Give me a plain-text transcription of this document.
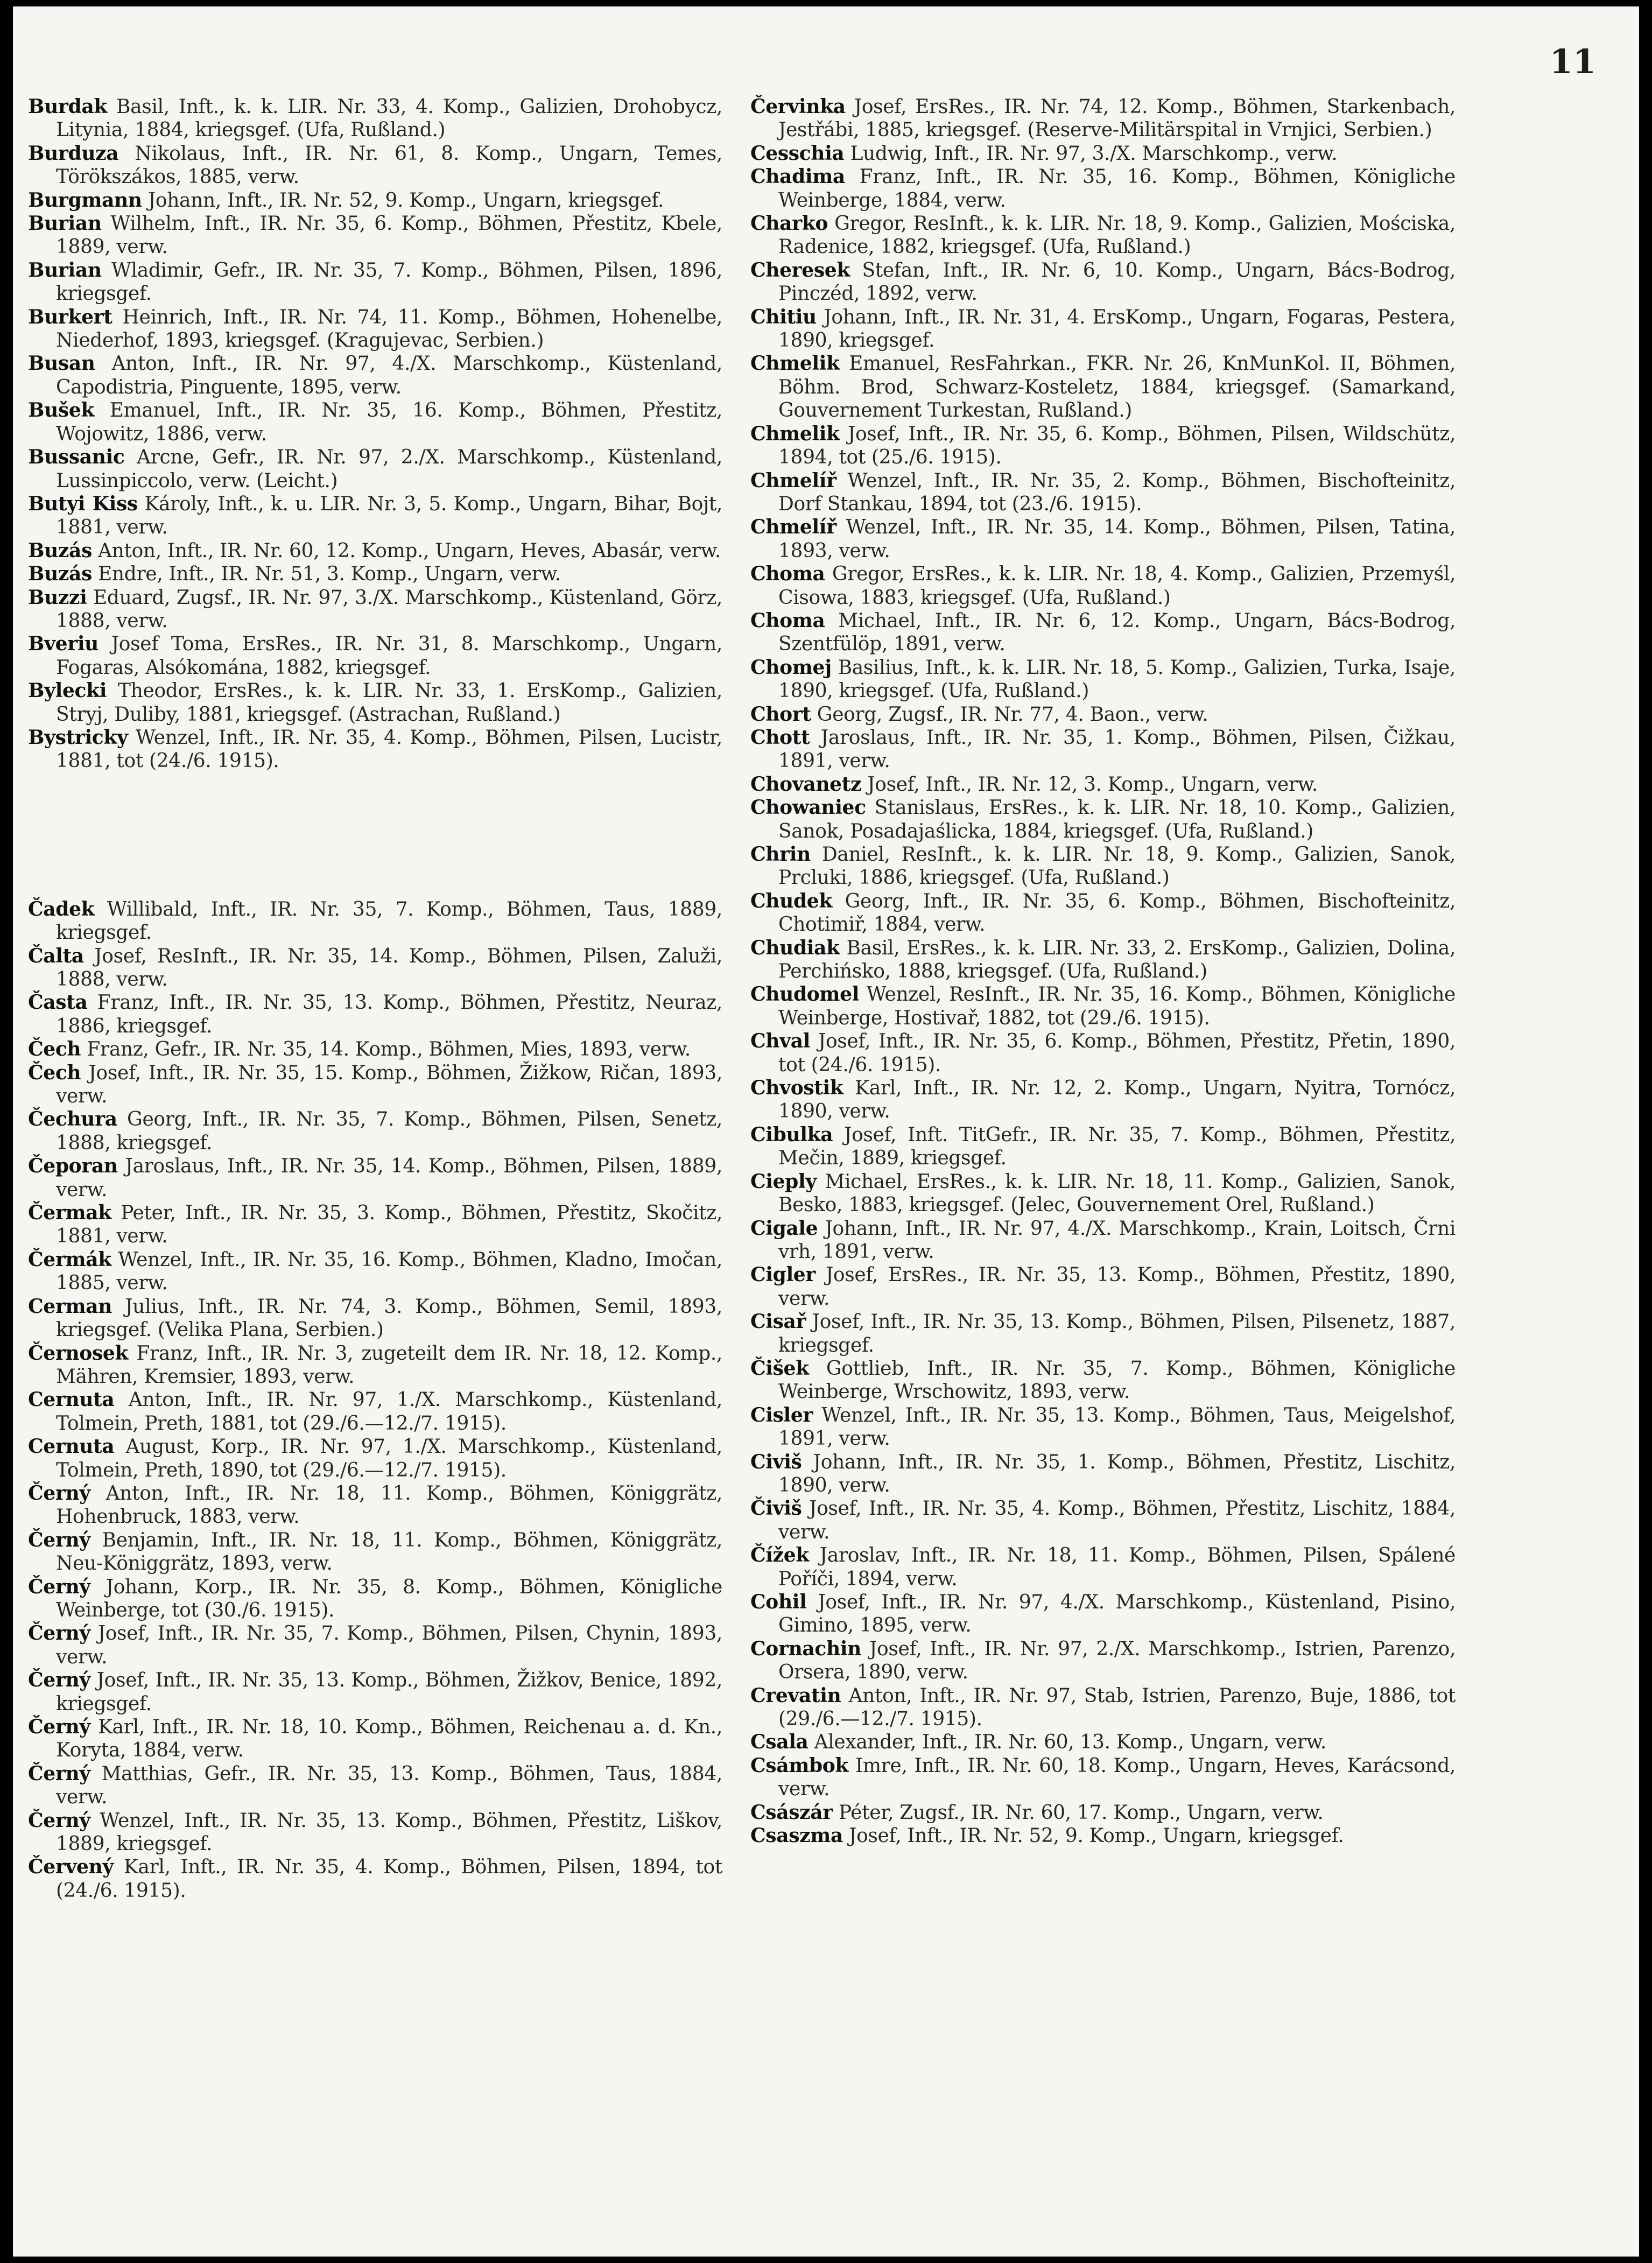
11
Burdak Basil, Inft., k. k. LIR. Nr. 33, 4. Komp., Galizien, Drohobycz, Litynia, 1884, kriegsgef. (Ufa, Rußland.)
Burduza Nikolaus, Inft., IR. Nr. 61, 8. Komp., Ungarn, Temes, Törökszákos, 1885, verw.
Burgmann Johann, Inft., IR. Nr. 52, 9. Komp., Ungarn, kriegsgef.
Burian Wilhelm, Inft., IR. Nr. 35, 6. Komp., Böhmen, Přestitz, Kbele, 1889, verw.
Burian Wladimir, Gefr., IR. Nr. 35, 7. Komp., Böhmen, Pilsen, 1896, kriegsgef.
Burkert Heinrich, Inft., IR. Nr. 74, 11. Komp., Böhmen, Hohenelbe, Niederhof, 1893, kriegsgef. (Kragujevac, Serbien.)
Busan Anton, Inft., IR. Nr. 97, 4./X. Marschkomp., Küstenland, Capodistria, Pinguente, 1895, verw.
Bušek Emanuel, Inft., IR. Nr. 35, 16. Komp., Böhmen, Přestitz, Wojowitz, 1886, verw.
Bussanic Arcne, Gefr., IR. Nr. 97, 2./X. Marschkomp., Küstenland, Lussinpiccolo, verw. (Leicht.)
Butyi Kiss Károly, Inft., k. u. LIR. Nr. 3, 5. Komp., Ungarn, Bihar, Bojt, 1881, verw.
Buzás Anton, Inft., IR. Nr. 60, 12. Komp., Ungarn, Heves, Abasár, verw.
Buzás Endre, Inft., IR. Nr. 51, 3. Komp., Ungarn, verw.
Buzzi Eduard, Zugsf., IR. Nr. 97, 3./X. Marschkomp., Küstenland, Görz, 1888, verw.
Bveriu Josef Toma, ErsRes., IR. Nr. 31, 8. Marschkomp., Ungarn, Fogaras, Alsókomána, 1882, kriegsgef.
Bylecki Theodor, ErsRes., k. k. LIR. Nr. 33, 1. ErsKomp., Galizien, Stryj, Duliby, 1881, kriegsgef. (Astrachan, Rußland.)
Bystricky Wenzel, Inft., IR. Nr. 35, 4. Komp., Böhmen, Pilsen, Lucistr, 1881, tot (24./6. 1915).
Čadek Willibald, Inft., IR. Nr. 35, 7. Komp., Böhmen, Taus, 1889, kriegsgef.
Čalta Josef, ResInft., IR. Nr. 35, 14. Komp., Böhmen, Pilsen, Zaluži, 1888, verw.
Časta Franz, Inft., IR. Nr. 35, 13. Komp., Böhmen, Přestitz, Neuraz, 1886, kriegsgef.
Čech Franz, Gefr., IR. Nr. 35, 14. Komp., Böhmen, Mies, 1893, verw.
Čech Josef, Inft., IR. Nr. 35, 15. Komp., Böhmen, Žižkow, Ričan, 1893, verw.
Čechura Georg, Inft., IR. Nr. 35, 7. Komp., Böhmen, Pilsen, Senetz, 1888, kriegsgef.
Čeporan Jaroslaus, Inft., IR. Nr. 35, 14. Komp., Böhmen, Pilsen, 1889, verw.
Čermak Peter, Inft., IR. Nr. 35, 3. Komp., Böhmen, Přestitz, Skočitz, 1881, verw.
Čermák Wenzel, Inft., IR. Nr. 35, 16. Komp., Böhmen, Kladno, Imočan, 1885, verw.
Cerman Julius, Inft., IR. Nr. 74, 3. Komp., Böhmen, Semil, 1893, kriegsgef. (Velika Plana, Serbien.)
Černosek Franz, Inft., IR. Nr. 3, zugeteilt dem IR. Nr. 18, 12. Komp., Mähren, Kremsier, 1893, verw.
Cernuta Anton, Inft., IR. Nr. 97, 1./X. Marschkomp., Küstenland, Tolmein, Preth, 1881, tot (29./6.—12./7. 1915).
Cernuta August, Korp., IR. Nr. 97, 1./X. Marschkomp., Küstenland, Tolmein, Preth, 1890, tot (29./6.—12./7. 1915).
Černý Anton, Inft., IR. Nr. 18, 11. Komp., Böhmen, Königgrätz, Hohenbruck, 1883, verw.
Černý Benjamin, Inft., IR. Nr. 18, 11. Komp., Böhmen, Königgrätz, Neu-Königgrätz, 1893, verw.
Černý Johann, Korp., IR. Nr. 35, 8. Komp., Böhmen, Königliche Weinberge, tot (30./6. 1915).
Černý Josef, Inft., IR. Nr. 35, 7. Komp., Böhmen, Pilsen, Chynin, 1893, verw.
Černý Josef, Inft., IR. Nr. 35, 13. Komp., Böhmen, Žižkov, Benice, 1892, kriegsgef.
Černý Karl, Inft., IR. Nr. 18, 10. Komp., Böhmen, Reichenau a. d. Kn., Koryta, 1884, verw.
Černý Matthias, Gefr., IR. Nr. 35, 13. Komp., Böhmen, Taus, 1884, verw.
Černý Wenzel, Inft., IR. Nr. 35, 13. Komp., Böhmen, Přestitz, Liškov, 1889, kriegsgef.
Červený Karl, Inft., IR. Nr. 35, 4. Komp., Böhmen, Pilsen, 1894, tot (24./6. 1915).
Červinka Josef, ErsRes., IR. Nr. 74, 12. Komp., Böhmen, Starkenbach, Jestřábi, 1885, kriegsgef. (Reserve-Militärspital in Vrnjici, Serbien.)
Cesschia Ludwig, Inft., IR. Nr. 97, 3./X. Marschkomp., verw.
Chadima Franz, Inft., IR. Nr. 35, 16. Komp., Böhmen, Königliche Weinberge, 1884, verw.
Charko Gregor, ResInft., k. k. LIR. Nr. 18, 9. Komp., Galizien, Mościska, Radenice, 1882, kriegsgef. (Ufa, Rußland.)
Cheresek Stefan, Inft., IR. Nr. 6, 10. Komp., Ungarn, Bács-Bodrog, Pinczéd, 1892, verw.
Chitiu Johann, Inft., IR. Nr. 31, 4. ErsKomp., Ungarn, Fogaras, Pestera, 1890, kriegsgef.
Chmelik Emanuel, ResFahrkan., FKR. Nr. 26, KnMunKol. II, Böhmen, Böhm. Brod, Schwarz-Kosteletz, 1884, kriegsgef. (Samarkand, Gouvernement Turkestan, Rußland.)
Chmelik Josef, Inft., IR. Nr. 35, 6. Komp., Böhmen, Pilsen, Wildschütz, 1894, tot (25./6. 1915).
Chmelíř Wenzel, Inft., IR. Nr. 35, 2. Komp., Böhmen, Bischofteinitz, Dorf Stankau, 1894, tot (23./6. 1915).
Chmelíř Wenzel, Inft., IR. Nr. 35, 14. Komp., Böhmen, Pilsen, Tatina, 1893, verw.
Choma Gregor, ErsRes., k. k. LIR. Nr. 18, 4. Komp., Galizien, Przemyśl, Cisowa, 1883, kriegsgef. (Ufa, Rußland.)
Choma Michael, Inft., IR. Nr. 6, 12. Komp., Ungarn, Bács-Bodrog, Szentfülöp, 1891, verw.
Chomej Basilius, Inft., k. k. LIR. Nr. 18, 5. Komp., Galizien, Turka, Isaje, 1890, kriegsgef. (Ufa, Rußland.)
Chort Georg, Zugsf., IR. Nr. 77, 4. Baon., verw.
Chott Jaroslaus, Inft., IR. Nr. 35, 1. Komp., Böhmen, Pilsen, Čižkau, 1891, verw.
Chovanetz Josef, Inft., IR. Nr. 12, 3. Komp., Ungarn, verw.
Chowaniec Stanislaus, ErsRes., k. k. LIR. Nr. 18, 10. Komp., Galizien, Sanok, Posadajaślicka, 1884, kriegsgef. (Ufa, Rußland.)
Chrin Daniel, ResInft., k. k. LIR. Nr. 18, 9. Komp., Galizien, Sanok, Prcluki, 1886, kriegsgef. (Ufa, Rußland.)
Chudek Georg, Inft., IR. Nr. 35, 6. Komp., Böhmen, Bischofteinitz, Chotimiř, 1884, verw.
Chudiak Basil, ErsRes., k. k. LIR. Nr. 33, 2. ErsKomp., Galizien, Dolina, Perchińsko, 1888, kriegsgef. (Ufa, Rußland.)
Chudomel Wenzel, ResInft., IR. Nr. 35, 16. Komp., Böhmen, Königliche Weinberge, Hostivař, 1882, tot (29./6. 1915).
Chval Josef, Inft., IR. Nr. 35, 6. Komp., Böhmen, Přestitz, Přetin, 1890, tot (24./6. 1915).
Chvostik Karl, Inft., IR. Nr. 12, 2. Komp., Ungarn, Nyitra, Tornócz, 1890, verw.
Cibulka Josef, Inft. TitGefr., IR. Nr. 35, 7. Komp., Böhmen, Přestitz, Mečin, 1889, kriegsgef.
Cieply Michael, ErsRes., k. k. LIR. Nr. 18, 11. Komp., Galizien, Sanok, Besko, 1883, kriegsgef. (Jelec, Gouvernement Orel, Rußland.)
Cigale Johann, Inft., IR. Nr. 97, 4./X. Marschkomp., Krain, Loitsch, Črni vrh, 1891, verw.
Cigler Josef, ErsRes., IR. Nr. 35, 13. Komp., Böhmen, Přestitz, 1890, verw.
Cisař Josef, Inft., IR. Nr. 35, 13. Komp., Böhmen, Pilsen, Pilsenetz, 1887, kriegsgef.
Čišek Gottlieb, Inft., IR. Nr. 35, 7. Komp., Böhmen, Königliche Weinberge, Wrschowitz, 1893, verw.
Cisler Wenzel, Inft., IR. Nr. 35, 13. Komp., Böhmen, Taus, Meigelshof, 1891, verw.
Civiš Johann, Inft., IR. Nr. 35, 1. Komp., Böhmen, Přestitz, Lischitz, 1890, verw.
Čiviš Josef, Inft., IR. Nr. 35, 4. Komp., Böhmen, Přestitz, Lischitz, 1884, verw.
Čížek Jaroslav, Inft., IR. Nr. 18, 11. Komp., Böhmen, Pilsen, Spálené Poříči, 1894, verw.
Cohil Josef, Inft., IR. Nr. 97, 4./X. Marschkomp., Küstenland, Pisino, Gimino, 1895, verw.
Cornachin Josef, Inft., IR. Nr. 97, 2./X. Marschkomp., Istrien, Parenzo, Orsera, 1890, verw.
Crevatin Anton, Inft., IR. Nr. 97, Stab, Istrien, Parenzo, Buje, 1886, tot (29./6.—12./7. 1915).
Csala Alexander, Inft., IR. Nr. 60, 13. Komp., Ungarn, verw.
Csámbok Imre, Inft., IR. Nr. 60, 18. Komp., Ungarn, Heves, Karácsond, verw.
Császár Péter, Zugsf., IR. Nr. 60, 17. Komp., Ungarn, verw.
Csaszma Josef, Inft., IR. Nr. 52, 9. Komp., Ungarn, kriegsgef.
